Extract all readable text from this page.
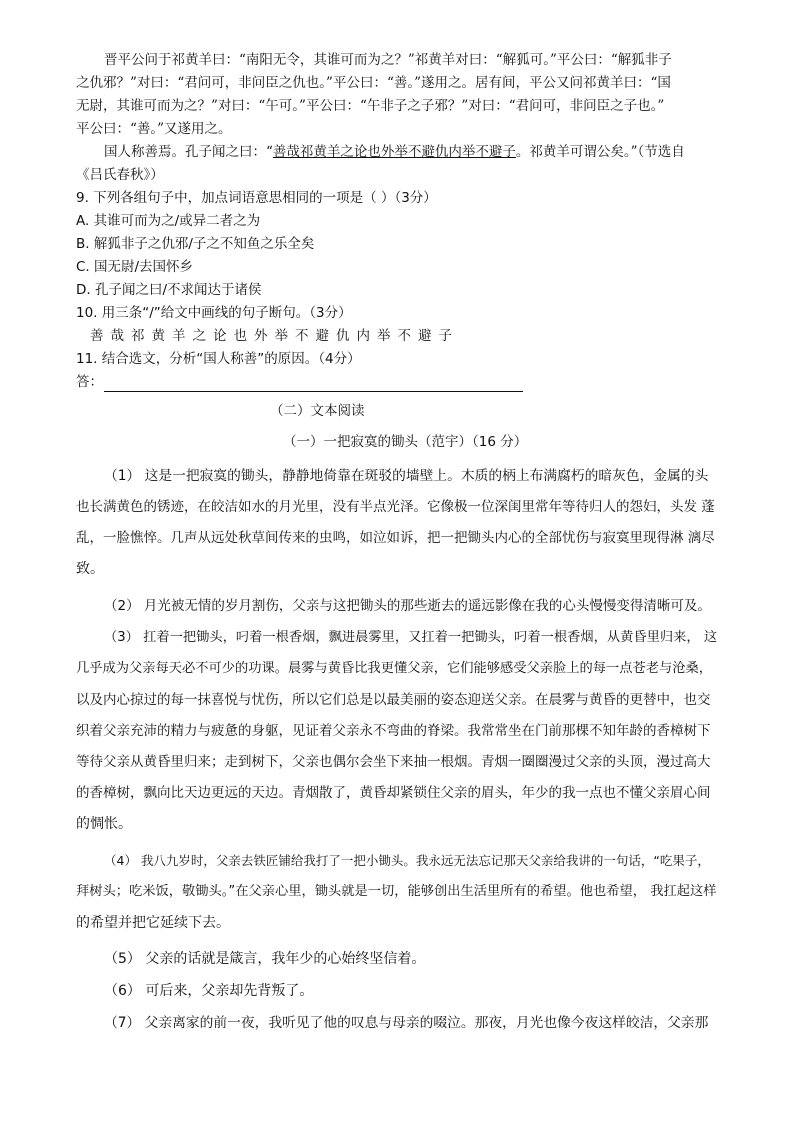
晋平公问于祁黄羊曰：“南阳无令，其谁可而为之？”祁黄羊对曰：“解狐可。”平公曰：“解狐非子
之仇邪？”对曰：“君问可，非问臣之仇也。”平公曰：“善。”遂用之。居有间，平公又问祁黄羊曰：“国
无尉，其谁可而为之？”对曰：“午可。”平公曰：“午非子之子邪？”对曰：“君问可，非问臣之子也。”
平公曰：“善。”又遂用之。
国人称善焉。孔子闻之曰：“善哉祁黄羊之论也外举不避仇内举不避子。祁黄羊可谓公矣。”（节选自
《吕氏春秋》）
9. 下列各组句子中，加点词语意思相同的一项是（ ）（3分）
A. 其谁可而为之/或异二者之为
B. 解狐非子之仇邪/子之不知鱼之乐全矣
C. 国无尉/去国怀乡
D. 孔子闻之曰/不求闻达于诸侯
10. 用三条“/”给文中画线的句子断句。（3分）
善哉祁黄羊之论也外举不避仇内举不避子
11. 结合选文，分析“国人称善”的原因。（4分）
答：
（二）文本阅读
（一）一把寂寞的锄头（范宇）（16 分）
（1） 这是一把寂寞的锄头，静静地倚靠在斑驳的墙壁上。木质的柄上布满腐朽的暗灰色，金属的头
也长满黄色的锈迹，在皎洁如水的月光里，没有半点光泽。它像极一位深闺里常年等待归人的怨妇，头发 蓬
乱，一脸憔悴。几声从远处秋草间传来的虫鸣，如泣如诉，把一把锄头内心的全部忧伤与寂寞里现得淋 漓尽
致。
（2） 月光被无情的岁月割伤，父亲与这把锄头的那些逝去的遥远影像在我的心头慢慢变得清晰可及。
（3） 扛着一把锄头，叼着一根香烟，飘进晨雾里，又扛着一把锄头，叼着一根香烟，从黄昏里归来， 这
几乎成为父亲每天必不可少的功课。晨雾与黄昏比我更懂父亲，它们能够感受父亲脸上的每一点苍老与沧桑，
以及内心掠过的每一抹喜悦与忧伤，所以它们总是以最美丽的姿态迎送父亲。在晨雾与黄昏的更替中，也交
织着父亲充沛的精力与疲惫的身躯，见证着父亲永不弯曲的脊梁。我常常坐在门前那棵不知年龄的香樟树下
等待父亲从黄昏里归来；走到树下，父亲也偶尔会坐下来抽一根烟。青烟一圈圈漫过父亲的头顶，漫过高大
的香樟树，飘向比天边更远的天边。青烟散了，黄昏却紧锁住父亲的眉头，年少的我一点也不懂父亲眉心间
的惆怅。
（4） 我八九岁时，父亲去铁匠铺给我打了一把小锄头。我永远无法忘记那天父亲给我讲的一句话，“吃果子，
拜树头；吃米饭，敬锄头。”在父亲心里，锄头就是一切，能够创出生活里所有的希望。他也希望， 我扛起这样
的希望并把它延续下去。
（5） 父亲的话就是箴言，我年少的心始终坚信着。
（6） 可后来，父亲却先背叛了。
（7） 父亲离家的前一夜，我听见了他的叹息与母亲的啜泣。那夜，月光也像今夜这样皎洁，父亲那
